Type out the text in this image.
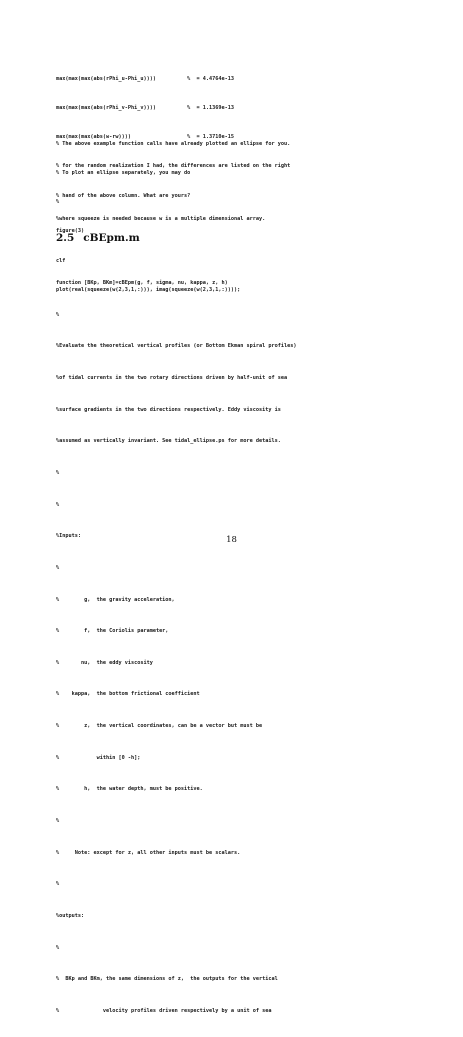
max(max(max(abs(rPhi_u-Phi_u))))          %  = 4.4764e-13

max(max(max(abs(rPhi_v-Phi_v))))          %  = 1.1369e-13

max(max(max(abs(w-rw))))                  %  = 1.3710e-15

% for the random realization I had, the differences are listed on the right

% hand of the above column. What are yours?

% The above example function calls have already plotted an ellipse for you.

% To plot an ellipse separately, you may do

%

figure(3)

clf

plot(real(squeeze(w(2,3,1,:))), imag(squeeze(w(2,3,1,:))));

%where squeeze is needed because w is a multiple dimensional array.

2.5 cBEpm.m

function [BKp, BKm]=cBEpm(g, f, sigma, nu, kappa, z, h)

%

%Evaluate the theoretical vertical profiles (or Bottom Ekman spiral profiles)

%of tidal currents in the two rotary directions driven by half-unit of sea

%surface gradients in the two directions respectively. Eddy viscosity is

%assumed as vertically invariant. See tidal_ellipse.ps for more details.

%

%

%Inputs:

%

%        g,  the gravity acceleration,

%        f,  the Coriolis parameter,

%       nu,  the eddy viscosity

%    kappa,  the bottom frictional coefficient

%        z,  the vertical coordinates, can be a vector but must be

%            within [0 -h];

%        h,  the water depth, must be positive.

%

%     Note: except for z, all other inputs must be scalars.

%

%outputs:

%

%  BKp and BKm, the same dimensions of z,  the outputs for the vertical

%              velocity profiles driven respectively by a unit of sea

18
